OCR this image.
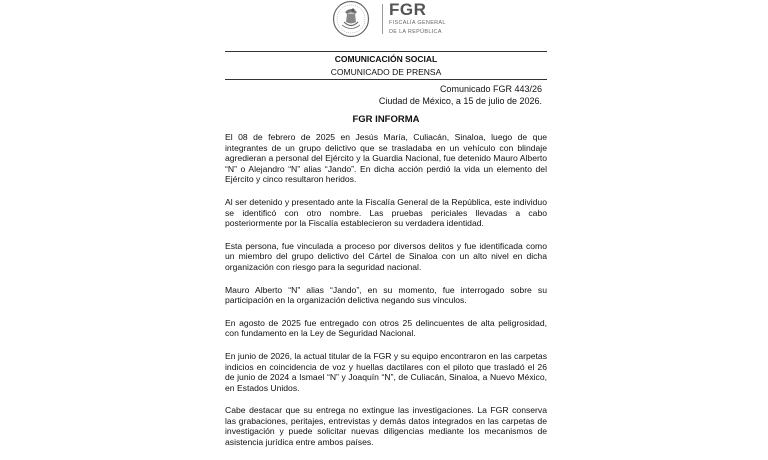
FGR
FISCALÍA GENERAL
DE LA REPÚBLICA
COMUNICACIÓN SOCIAL
COMUNICADO DE PRENSA
Comunicado FGR 443/26
Ciudad de México, a 15 de julio de 2026.
FGR INFORMA

El 08 de febrero de 2025 en Jesús María, Culiacán, Sinaloa, luego de que integrantes de un grupo delictivo que se trasladaba en un vehículo con blindaje agredieran a personal del Ejército y la Guardia Nacional, fue detenido Mauro Alberto “N” o Alejandro “N” alias “Jando”. En dicha acción perdió la vida un elemento del Ejército y cinco resultaron heridos.

Al ser detenido y presentado ante la Fiscalía General de la República, este individuo se identificó con otro nombre. Las pruebas periciales llevadas a cabo posteriormente por la Fiscalía establecieron su verdadera identidad.

Esta persona, fue vinculada a proceso por diversos delitos y fue identificada como un miembro del grupo delictivo del Cártel de Sinaloa con un alto nivel en dicha organización con riesgo para la seguridad nacional.

Mauro Alberto “N” alias “Jando”, en su momento, fue interrogado sobre su participación en la organización delictiva negando sus vínculos.

En agosto de 2025 fue entregado con otros 25 delincuentes de alta peligrosidad, con fundamento en la Ley de Seguridad Nacional.

En junio de 2026, la actual titular de la FGR y su equipo encontraron en las carpetas indicios en coincidencia de voz y huellas dactilares con el piloto que trasladó el 26 de junio de 2024 a Ismael “N” y Joaquín “N”, de Culiacán, Sinaloa, a Nuevo México, en Estados Unidos.

Cabe destacar que su entrega no extingue las investigaciones. La FGR conserva las grabaciones, peritajes, entrevistas y demás datos integrados en las carpetas de investigación y puede solicitar nuevas diligencias mediante los mecanismos de asistencia jurídica entre ambos países.
